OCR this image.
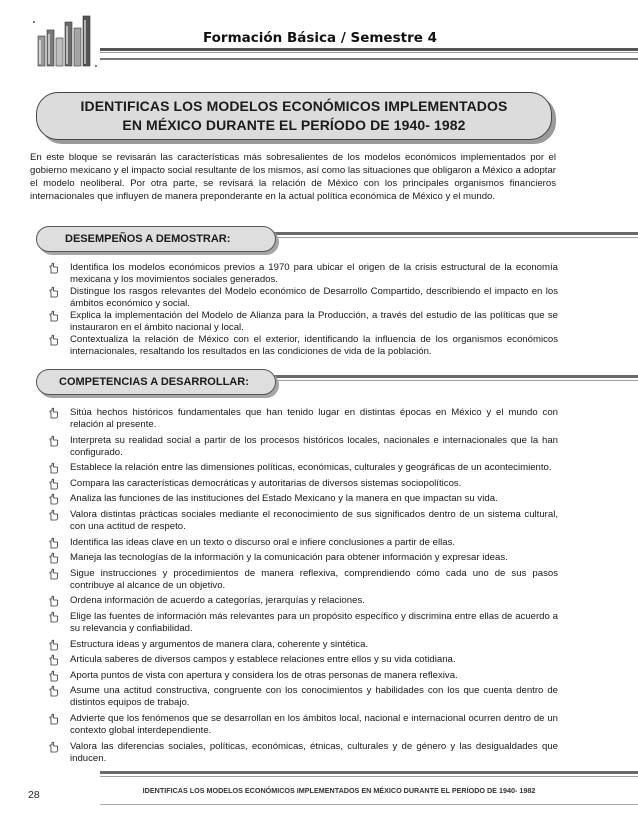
Formación Básica / Semestre 4
IDENTIFICAS LOS MODELOS ECONÓMICOS IMPLEMENTADOS
EN MÉXICO DURANTE EL PERÍODO DE 1940- 1982

En este bloque se revisarán las características más sobresalientes de los modelos económicos implementados por el gobierno mexicano y el impacto social resultante de los mismos, así como las situaciones que obligaron a México a adoptar el modelo neoliberal. Por otra parte, se revisará la relación de México con los principales organismos financieros internacionales que influyen de manera preponderante en la actual política económica de México y el mundo.

DESEMPEÑOS A DEMOSTRAR:
Identifica los modelos económicos previos a 1970 para ubicar el origen de la crisis estructural de la economía mexicana y los movimientos sociales generados.
Distingue los rasgos relevantes del Modelo económico de Desarrollo Compartido, describiendo el impacto en los ámbitos económico y social.
Explica la implementación del Modelo de Alianza para la Producción, a través del estudio de las políticas que se instauraron en el ámbito nacional y local.
Contextualiza la relación de México con el exterior, identificando la influencia de los organismos económicos internacionales, resaltando los resultados en las condiciones de vida de la población.
COMPETENCIAS A DESARROLLAR:
Sitúa hechos históricos fundamentales que han tenido lugar en distintas épocas en México y el mundo con relación al presente.
Interpreta su realidad social a partir de los procesos históricos locales, nacionales e internacionales que la han configurado.
Establece la relación entre las dimensiones políticas, económicas, culturales y geográficas de un acontecimiento.
Compara las características democráticas y autoritarias de diversos sistemas sociopolíticos.
Analiza las funciones de las instituciones del Estado Mexicano y la manera en que impactan su vida.
Valora distintas prácticas sociales mediante el reconocimiento de sus significados dentro de un sistema cultural, con una actitud de respeto.
Identifica las ideas clave en un texto o discurso oral e infiere conclusiones a partir de ellas.
Maneja las tecnologías de la información y la comunicación para obtener información y expresar ideas.
Sigue instrucciones y procedimientos de manera reflexiva, comprendiendo cómo cada uno de sus pasos contribuye al alcance de un objetivo.
Ordena información de acuerdo a categorías, jerarquías y relaciones.
Elige las fuentes de información más relevantes para un propósito específico y discrimina entre ellas de acuerdo a su relevancia y confiabilidad.
Estructura ideas y argumentos de manera clara, coherente y sintética.
Articula saberes de diversos campos y establece relaciones entre ellos y su vida cotidiana.
Aporta puntos de vista con apertura y considera los de otras personas de manera reflexiva.
Asume una actitud constructiva, congruente con los conocimientos y habilidades con los que cuenta dentro de distintos equipos de trabajo.
Advierte que los fenómenos que se desarrollan en los ámbitos local, nacional e internacional ocurren dentro de un contexto global interdependiente.
Valora las diferencias sociales, políticas, económicas, étnicas, culturales y de género y las desigualdades que inducen.
28	IDENTIFICAS LOS MODELOS ECONÓMICOS IMPLEMENTADOS EN MÉXICO DURANTE EL PERÍODO DE 1940- 1982
